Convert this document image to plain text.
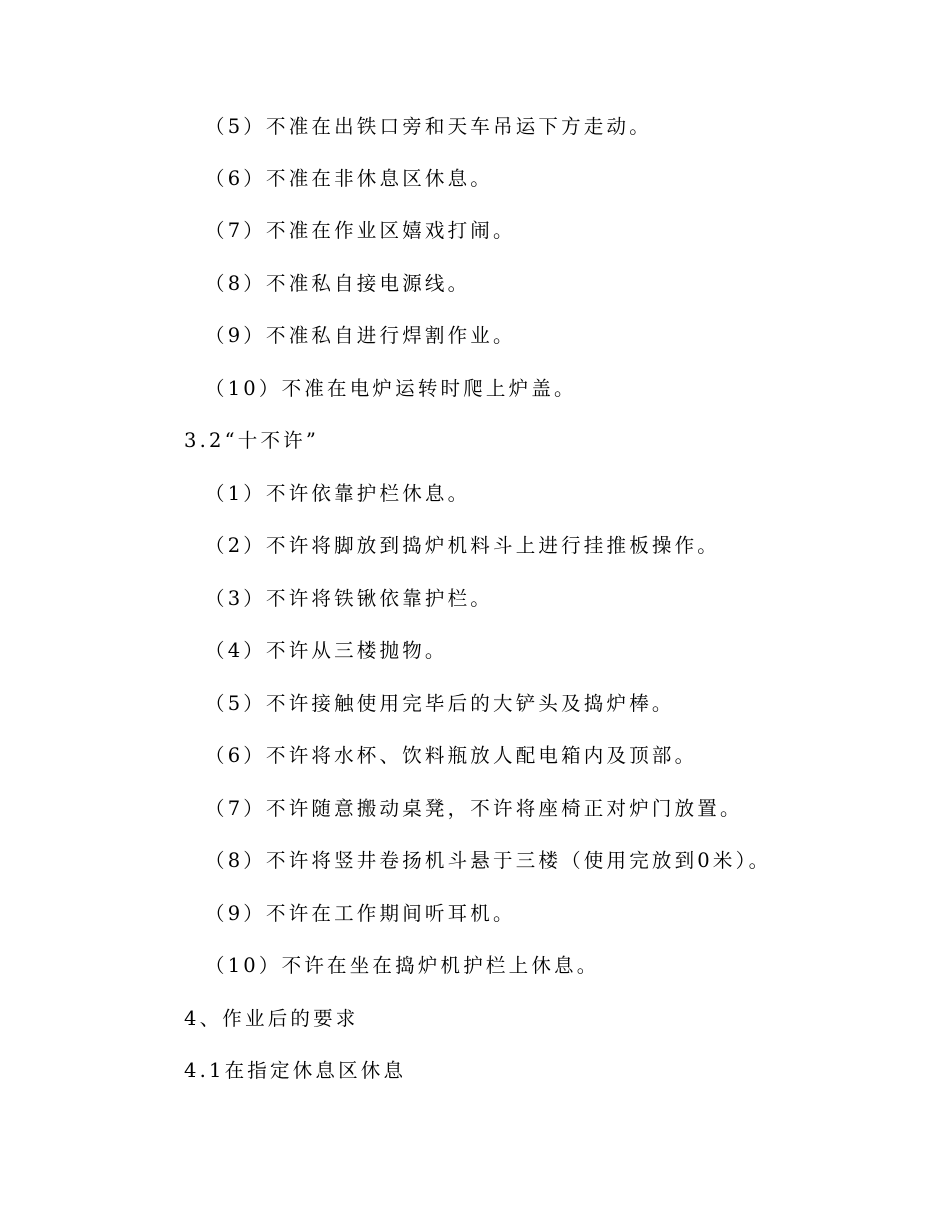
（5）不准在出铁口旁和天车吊运下方走动。
（6）不准在非休息区休息。
（7）不准在作业区嬉戏打闹。
（8）不准私自接电源线。
（9）不准私自进行焊割作业。
（10）不准在电炉运转时爬上炉盖。
3.2“十不许”
（1）不许依靠护栏休息。
（2）不许将脚放到捣炉机料斗上进行挂推板操作。
（3）不许将铁锹依靠护栏。
（4）不许从三楼抛物。
（5）不许接触使用完毕后的大铲头及捣炉棒。
（6）不许将水杯、饮料瓶放人配电箱内及顶部。
（7）不许随意搬动桌凳，不许将座椅正对炉门放置。
（8）不许将竖井卷扬机斗悬于三楼（使用完放到0米）。
（9）不许在工作期间听耳机。
（10）不许在坐在捣炉机护栏上休息。
4、作业后的要求
4.1在指定休息区休息
